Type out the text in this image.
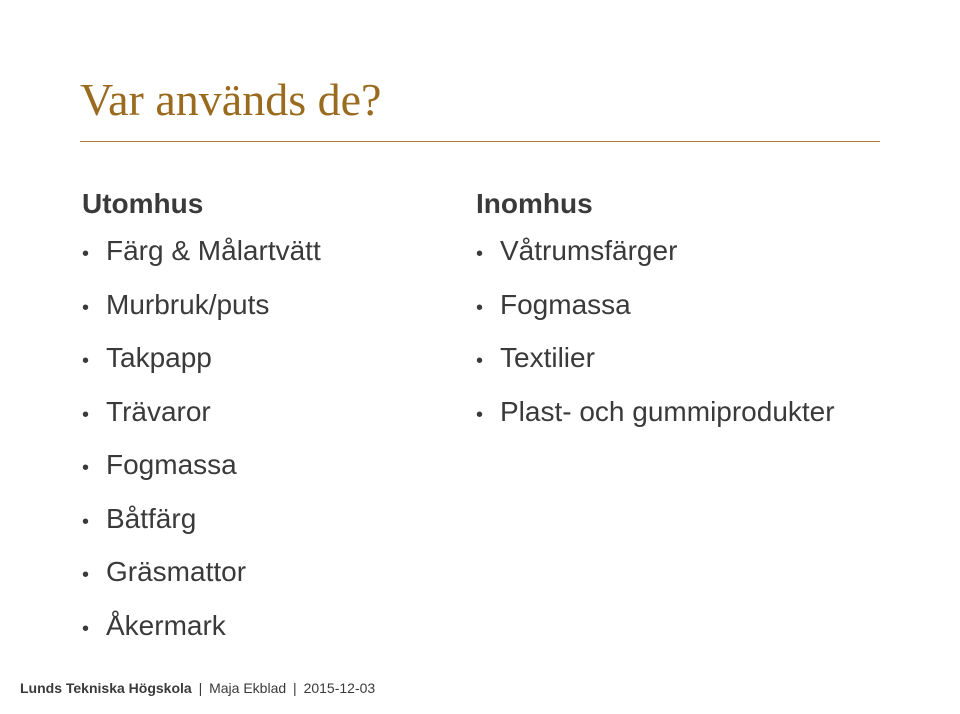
Var används de?
Utomhus
• Färg & Målartvätt
• Murbruk/puts
• Takpapp
• Trävaror
• Fogmassa
• Båtfärg
• Gräsmattor
• Åkermark
Inomhus
• Våtrumsfärger
• Fogmassa
• Textilier
• Plast- och gummiprodukter
Lunds Tekniska Högskola | Maja Ekblad | 2015-12-03
